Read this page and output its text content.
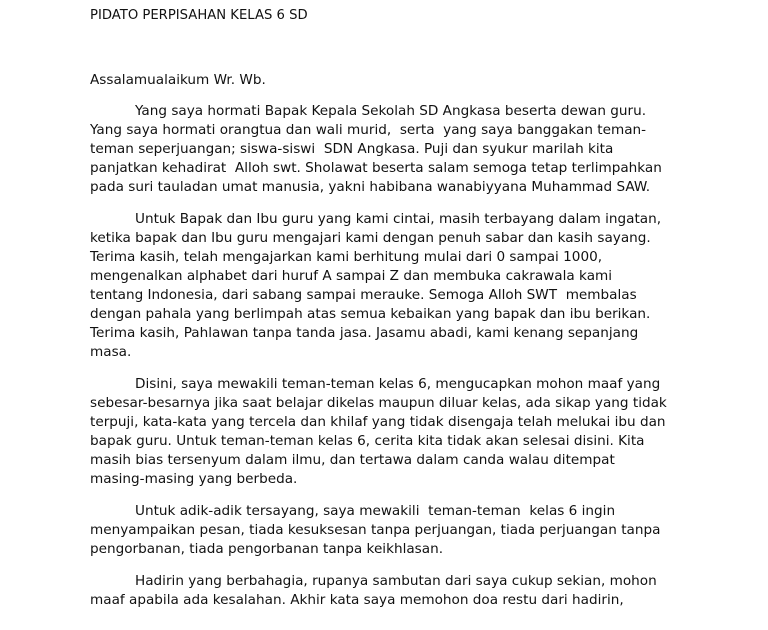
PIDATO PERPISAHAN KELAS 6 SD
Assalamualaikum Wr. Wb.
Yang saya hormati Bapak Kepala Sekolah SD Angkasa beserta dewan guru.
Yang saya hormati orangtua dan wali murid,  serta  yang saya banggakan teman-
teman seperjuangan; siswa-siswi  SDN Angkasa. Puji dan syukur marilah kita
panjatkan kehadirat  Alloh swt. Sholawat beserta salam semoga tetap terlimpahkan
pada suri tauladan umat manusia, yakni habibana wanabiyyana Muhammad SAW.
Untuk Bapak dan Ibu guru yang kami cintai, masih terbayang dalam ingatan,
ketika bapak dan Ibu guru mengajari kami dengan penuh sabar dan kasih sayang.
Terima kasih, telah mengajarkan kami berhitung mulai dari 0 sampai 1000,
mengenalkan alphabet dari huruf A sampai Z dan membuka cakrawala kami
tentang Indonesia, dari sabang sampai merauke. Semoga Alloh SWT  membalas
dengan pahala yang berlimpah atas semua kebaikan yang bapak dan ibu berikan.
Terima kasih, Pahlawan tanpa tanda jasa. Jasamu abadi, kami kenang sepanjang
masa.
Disini, saya mewakili teman-teman kelas 6, mengucapkan mohon maaf yang
sebesar-besarnya jika saat belajar dikelas maupun diluar kelas, ada sikap yang tidak
terpuji, kata-kata yang tercela dan khilaf yang tidak disengaja telah melukai ibu dan
bapak guru. Untuk teman-teman kelas 6, cerita kita tidak akan selesai disini. Kita
masih bias tersenyum dalam ilmu, dan tertawa dalam canda walau ditempat
masing-masing yang berbeda.
Untuk adik-adik tersayang, saya mewakili  teman-teman  kelas 6 ingin
menyampaikan pesan, tiada kesuksesan tanpa perjuangan, tiada perjuangan tanpa
pengorbanan, tiada pengorbanan tanpa keikhlasan.
Hadirin yang berbahagia, rupanya sambutan dari saya cukup sekian, mohon
maaf apabila ada kesalahan. Akhir kata saya memohon doa restu dari hadirin,
